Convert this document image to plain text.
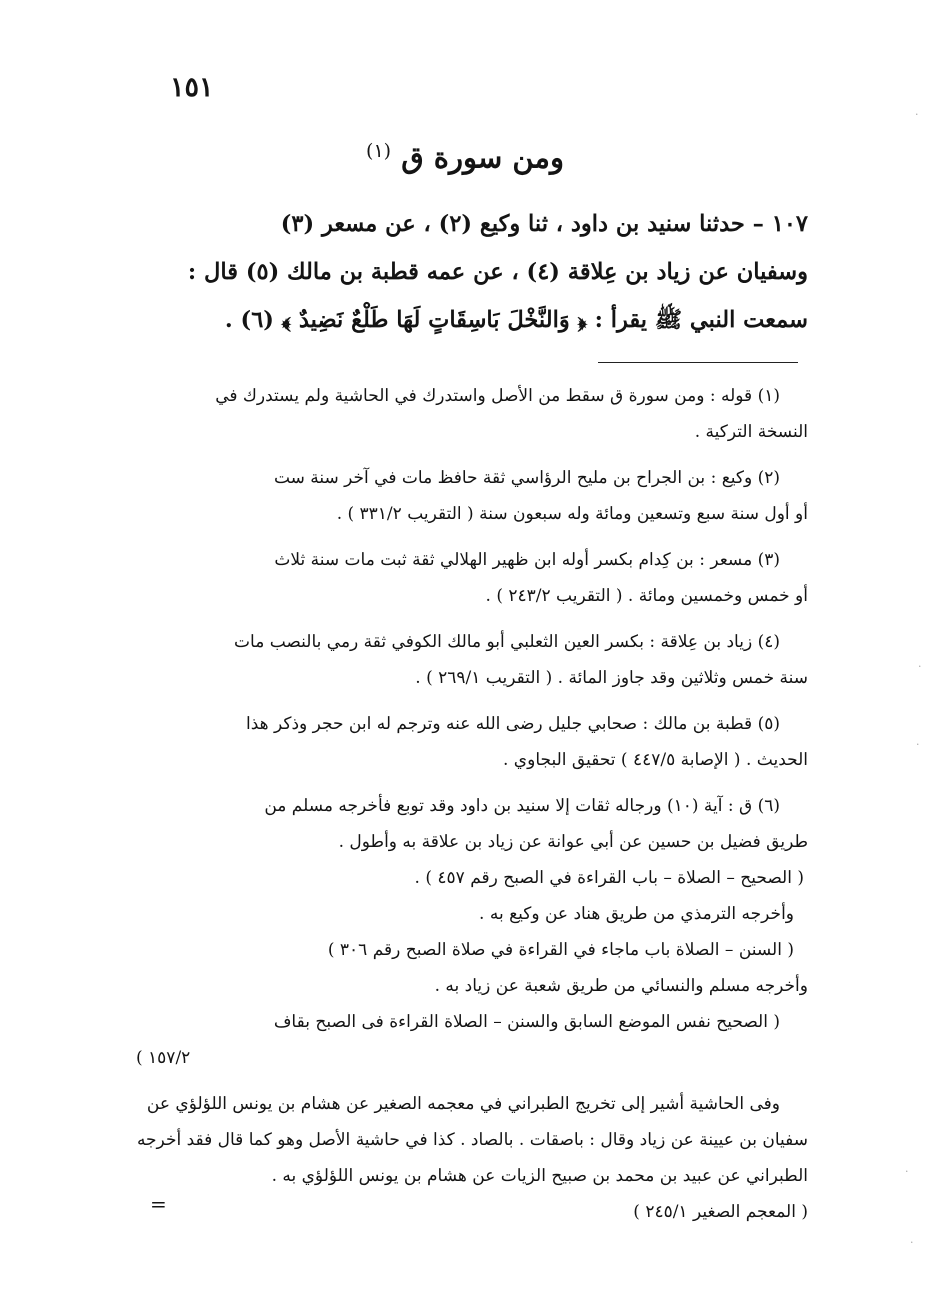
١٥١
ومن سورة ق $^{(١)}$

١٠٧ – حدثنا سنيد بن داود ، ثنا وكيع (٢) ، عن مسعر (٣)

وسفيان عن زياد بن عِلاقة (٤) ، عن عمه قطبة بن مالك (٥) قال :

سمعت النبي ﷺ يقرأ : ﴿ وَالنَّخْلَ بَاسِقَاتٍ لَهَا طَلْعٌ نَضِيدٌ ﴾ (٦) .

(١) قوله : ومن سورة ق سقط من الأصل واستدرك في الحاشية ولم يستدرك في
النسخة التركية .
(٢) وكيع : بن الجراح بن مليح الرؤاسي ثقة حافظ مات في آخر سنة ست
أو أول سنة سبع وتسعين ومائة وله سبعون سنة ( التقريب ٣٣١/٢ ) .
(٣) مسعر : بن كِدام بكسر أوله ابن ظهير الهلالي ثقة ثبت مات سنة ثلاث
أو خمس وخمسين ومائة . ( التقريب ٢٤٣/٢ ) .
(٤) زياد بن عِلاقة : بكسر العين الثعلبي أبو مالك الكوفي ثقة رمي بالنصب مات
سنة خمس وثلاثين وقد جاوز المائة . ( التقريب ٢٦٩/١ ) .
(٥) قطبة بن مالك : صحابي جليل رضى الله عنه وترجم له ابن حجر وذكر هذا
الحديث . ( الإصابة ٤٤٧/٥ ) تحقيق البجاوي .
(٦) ق : آية (١٠) ورجاله ثقات إلا سنيد بن داود وقد توبع فأخرجه مسلم من
طريق فضيل بن حسين عن أبي عوانة عن زياد بن علاقة به وأطول .
( الصحيح – الصلاة – باب القراءة في الصبح رقم ٤٥٧ ) .
وأخرجه الترمذي من طريق هناد عن وكيع به .
( السنن – الصلاة باب ماجاء في القراءة في صلاة الصبح رقم ٣٠٦ )
وأخرجه مسلم والنسائي من طريق شعبة عن زياد به .
( الصحيح نفس الموضع السابق والسنن – الصلاة القراءة فى الصبح بقاف
١٥٧/٢ )
وفى الحاشية أشير إلى تخريج الطبراني في معجمه الصغير عن هشام بن يونس اللؤلؤي عن
سفيان بن عيينة عن زياد وقال : باصقات . بالصاد . كذا في حاشية الأصل وهو كما قال فقد أخرجه
الطبراني عن عبيد بن محمد بن صبيح الزيات عن هشام بن يونس اللؤلؤي به .
( المعجم الصغير ٢٤٥/١ )
=
·
·
·
·
·
